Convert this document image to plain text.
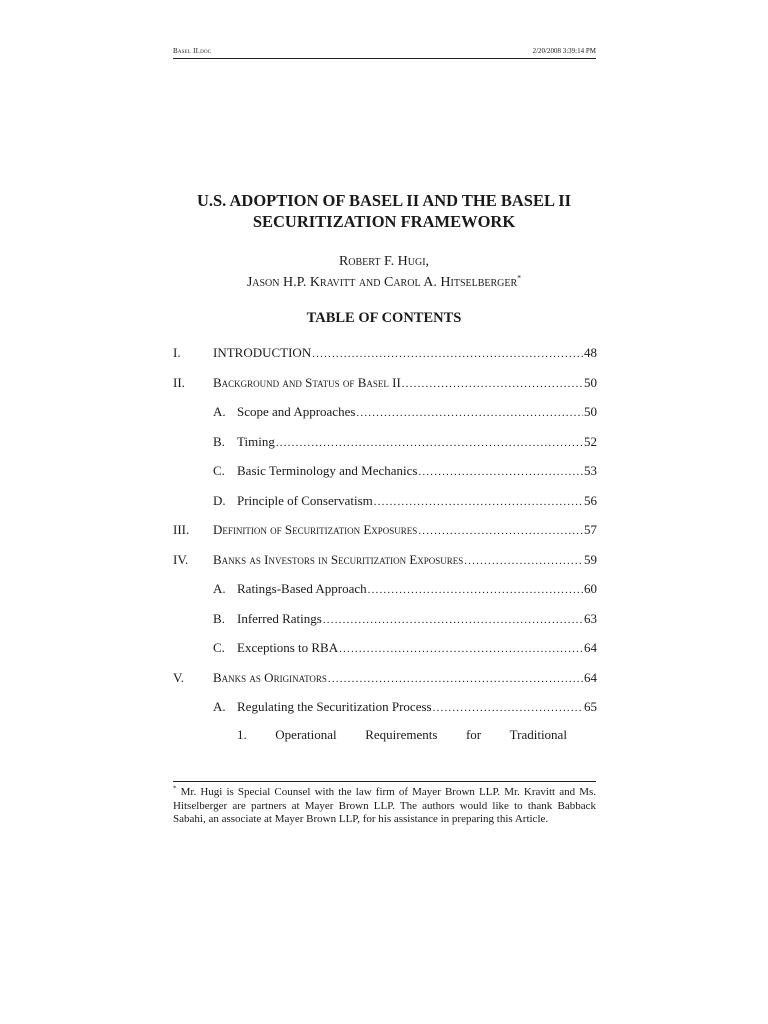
Basel II.doc	2/20/2008 3:39:14 PM
U.S. ADOPTION OF BASEL II AND THE BASEL II
SECURITIZATION FRAMEWORK
Robert F. Hugi,
Jason H.P. Kravitt and Carol A. Hitselberger*
TABLE OF CONTENTS
I. INTRODUCTION .....	48
II. Background and Status of Basel II .....	50
A. Scope and Approaches .....	50
B. Timing .....	52
C. Basic Terminology and Mechanics .....	53
D. Principle of Conservatism .....	56
III. Definition of Securitization Exposures .....	57
IV. Banks as Investors in Securitization Exposures .....	59
A. Ratings-Based Approach .....	60
B. Inferred Ratings .....	63
C. Exceptions to RBA .....	64
V. Banks as Originators .....	64
A. Regulating the Securitization Process .....	65
1. Operational Requirements for Traditional
* Mr. Hugi is Special Counsel with the law firm of Mayer Brown LLP. Mr. Kravitt and Ms. Hitselberger are partners at Mayer Brown LLP. The authors would like to thank Babback Sabahi, an associate at Mayer Brown LLP, for his assistance in preparing this Article.
